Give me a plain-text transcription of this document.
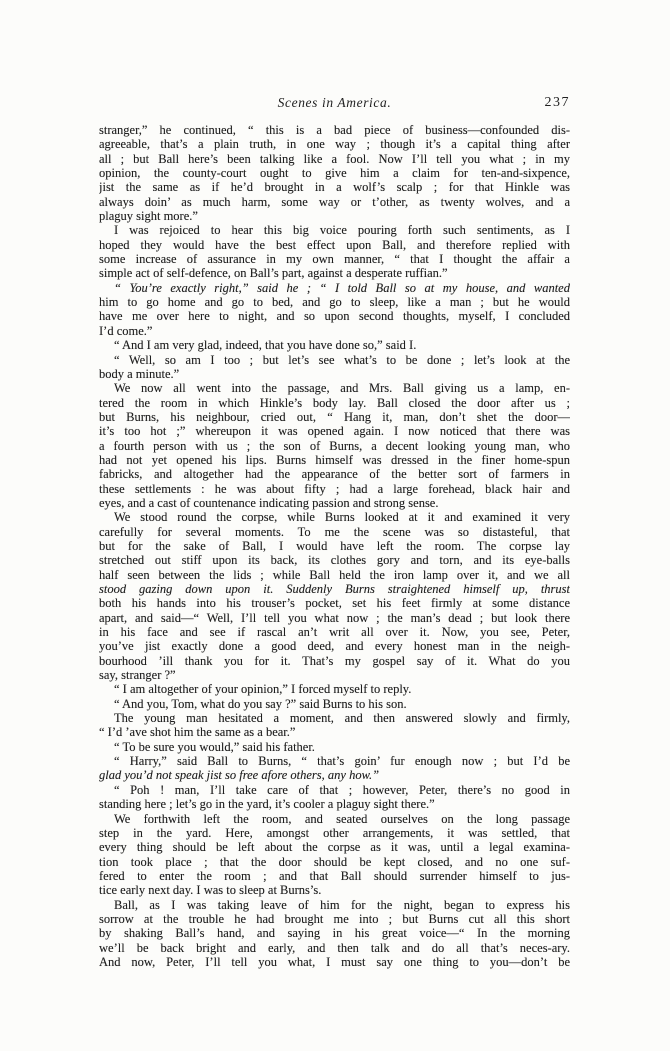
Scenes in America.	237
stranger,” he continued, “ this is a bad piece of business—confounded dis-
agreeable, that’s a plain truth, in one way ; though it’s a capital thing after
all ; but Ball here’s been talking like a fool. Now I’ll tell you what ; in my
opinion, the county-court ought to give him a claim for ten-and-sixpence,
jist the same as if he’d brought in a wolf’s scalp ; for that Hinkle was
always doin’ as much harm, some way or t’other, as twenty wolves, and a
plaguy sight more.”
I was rejoiced to hear this big voice pouring forth such sentiments, as I
hoped they would have the best effect upon Ball, and therefore replied with
some increase of assurance in my own manner, “ that I thought the affair a
simple act of self-defence, on Ball’s part, against a desperate ruffian.”
“ You’re exactly right,” said he ; “ I told Ball so at my house, and wanted
him to go home and go to bed, and go to sleep, like a man ; but he would
have me over here to night, and so upon second thoughts, myself, I concluded
I’d come.”
“ And I am very glad, indeed, that you have done so,” said I.
“ Well, so am I too ; but let’s see what’s to be done ; let’s look at the
body a minute.”
We now all went into the passage, and Mrs. Ball giving us a lamp, en-
tered the room in which Hinkle’s body lay. Ball closed the door after us ;
but Burns, his neighbour, cried out, “ Hang it, man, don’t shet the door—
it’s too hot ;” whereupon it was opened again. I now noticed that there was
a fourth person with us ; the son of Burns, a decent looking young man, who
had not yet opened his lips. Burns himself was dressed in the finer home-spun
fabricks, and altogether had the appearance of the better sort of farmers in
these settlements : he was about fifty ; had a large forehead, black hair and
eyes, and a cast of countenance indicating passion and strong sense.
We stood round the corpse, while Burns looked at it and examined it very
carefully for several moments. To me the scene was so distasteful, that
but for the sake of Ball, I would have left the room. The corpse lay
stretched out stiff upon its back, its clothes gory and torn, and its eye-balls
half seen between the lids ; while Ball held the iron lamp over it, and we all
stood gazing down upon it. Suddenly Burns straightened himself up, thrust
both his hands into his trouser’s pocket, set his feet firmly at some distance
apart, and said—“ Well, I’ll tell you what now ; the man’s dead ; but look there
in his face and see if rascal an’t writ all over it. Now, you see, Peter,
you’ve jist exactly done a good deed, and every honest man in the neigh-
bourhood ’ill thank you for it. That’s my gospel say of it. What do you
say, stranger ?”
“ I am altogether of your opinion,” I forced myself to reply.
“ And you, Tom, what do you say ?” said Burns to his son.
The young man hesitated a moment, and then answered slowly and firmly,
“ I’d ’ave shot him the same as a bear.”
“ To be sure you would,” said his father.
“ Harry,” said Ball to Burns, “ that’s goin’ fur enough now ; but I’d be
glad you’d not speak jist so free afore others, any how.”
“ Poh ! man, I’ll take care of that ; however, Peter, there’s no good in
standing here ; let’s go in the yard, it’s cooler a plaguy sight there.”
We forthwith left the room, and seated ourselves on the long passage
step in the yard. Here, amongst other arrangements, it was settled, that
every thing should be left about the corpse as it was, until a legal examina-
tion took place ; that the door should be kept closed, and no one suf-
fered to enter the room ; and that Ball should surrender himself to jus-
tice early next day. I was to sleep at Burns’s.
Ball, as I was taking leave of him for the night, began to express his
sorrow at the trouble he had brought me into ; but Burns cut all this short
by shaking Ball’s hand, and saying in his great voice—“ In the morning
we’ll be back bright and early, and then talk and do all that’s neces-ary.
And now, Peter, I’ll tell you what, I must say one thing to you—don’t be
